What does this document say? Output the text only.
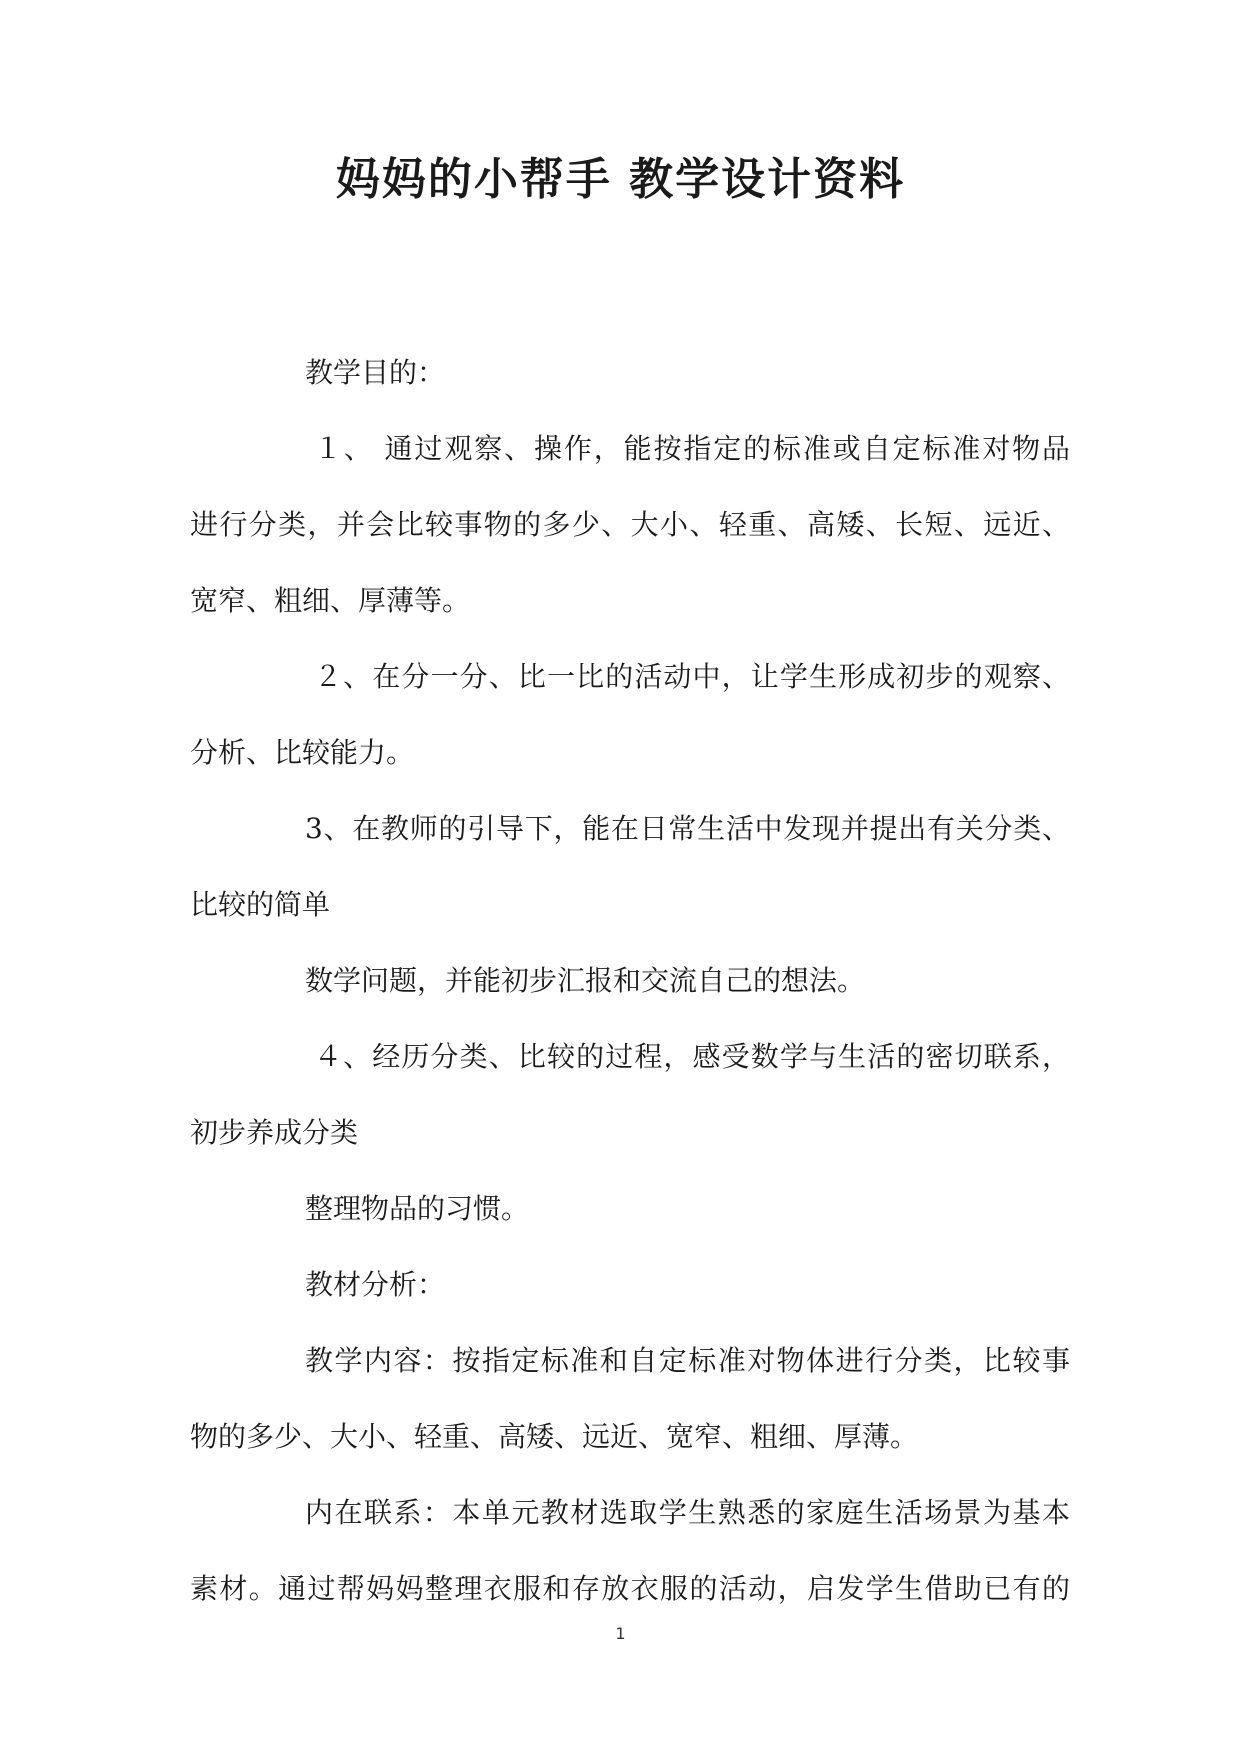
妈妈的小帮手 教学设计资料
教学目的：
１、 通过观察、操作，能按指定的标准或自定标准对物品
进行分类，并会比较事物的多少、大小、轻重、高矮、长短、远近、
宽窄、粗细、厚薄等。
２、在分一分、比一比的活动中，让学生形成初步的观察、
分析、比较能力。
3、在教师的引导下，能在日常生活中发现并提出有关分类、
比较的简单
数学问题，并能初步汇报和交流自己的想法。
４、经历分类、比较的过程，感受数学与生活的密切联系，
初步养成分类
整理物品的习惯。
教材分析：
教学内容：按指定标准和自定标准对物体进行分类，比较事
物的多少、大小、轻重、高矮、远近、宽窄、粗细、厚薄。
内在联系：本单元教材选取学生熟悉的家庭生活场景为基本
素材。通过帮妈妈整理衣服和存放衣服的活动，启发学生借助已有的
1
